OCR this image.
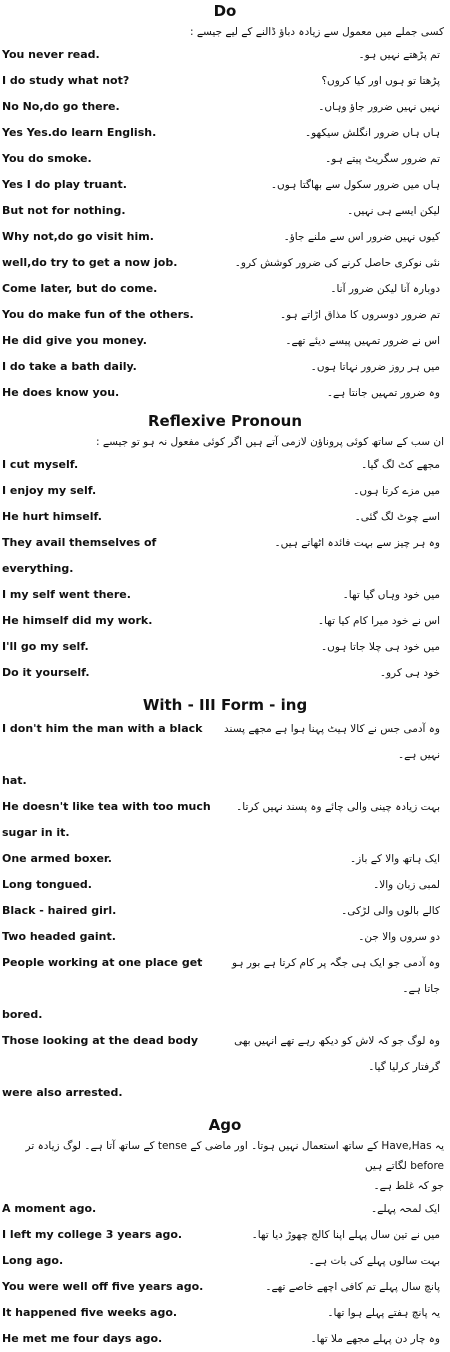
Do
کسی جملے میں معمول سے زیادہ دباؤ ڈالنے کے لیے جیسے :
You never read.	تم پڑھتے نہیں ہو۔
I do study what not?	پڑھتا تو ہوں اور کیا کروں؟
No No,do go there.	نہیں نہیں ضرور جاؤ وہاں۔
Yes Yes.do learn English.	ہاں ہاں ضرور انگلش سیکھو۔
You do smoke.	تم ضرور سگریٹ پیتے ہو۔
Yes I do play truant.	ہاں میں ضرور سکول سے بھاگتا ہوں۔
But not for nothing.	لیکن ایسے ہی نہیں۔
Why not,do go visit him.	کیوں نہیں ضرور اس سے ملنے جاؤ۔
well,do try to get a now job.	نئی نوکری حاصل کرنے کی ضرور کوشش کرو۔
Come later, but do come.	دوبارہ آنا لیکن ضرور آنا۔
You do make fun of the others.	تم ضرور دوسروں کا مذاق اڑاتے ہو۔
He did give you money.	اس نے ضرور تمہیں پیسے دیئے تھے۔
I do take a bath daily.	میں ہر روز ضرور نہاتا ہوں۔
He does know you.	وہ ضرور تمہیں جانتا ہے۔
Reflexive Pronoun
ان سب کے ساتھ کوئی پروناؤن لازمی آتے ہیں اگر کوئی مفعول نہ ہو تو جیسے :
I cut myself.	مجھے کٹ لگ گیا۔
I enjoy my self.	میں مزے کرتا ہوں۔
He hurt himself.	اسے چوٹ لگ گئی۔
They avail themselves of	وہ ہر چیز سے بہت فائدہ اٹھاتے ہیں۔
everything.
I my self went there.	میں خود وہاں گیا تھا۔
He himself did my work.	اس نے خود میرا کام کیا تھا۔
I'll go my self.	میں خود ہی چلا جاتا ہوں۔
Do it yourself.	خود ہی کرو۔
With - III Form - ing
I don't him the man with a black	وہ آدمی جس نے کالا ہیٹ پہنا ہوا ہے مجھے پسند نہیں ہے۔
hat.
He doesn't like tea with too much	بہت زیادہ چینی والی چائے وہ پسند نہیں کرتا۔
sugar in it.
One armed boxer.	ایک ہاتھ والا کے باز۔
Long tongued.	لمبی زبان والا۔
Black - haired girl.	کالے بالوں والی لڑکی۔
Two headed gaint.	دو سروں والا جن۔
People working at one place get	وہ آدمی جو ایک ہی جگہ پر کام کرتا ہے بور ہو جاتا ہے۔
bored.
Those looking at the dead body	وہ لوگ جو کہ لاش کو دیکھ رہے تھے انہیں بھی گرفتار کرلیا گیا۔
were also arrested.
Ago
یہ Have,Has کے ساتھ استعمال نہیں ہوتا۔ اور ماضی کے tense کے ساتھ آتا ہے۔ لوگ زیادہ تر before لگاتے ہیں
جو کہ غلط ہے۔
A moment ago.	ایک لمحہ پہلے۔
I left my college 3 years ago.	میں نے تین سال پہلے اپنا کالج چھوڑ دیا تھا۔
Long ago.	بہت سالوں پہلے کی بات ہے۔
You were well off five years ago.	پانچ سال پہلے تم کافی اچھے خاصے تھے۔
It happened five weeks ago.	یہ پانچ ہفتے پہلے ہوا تھا۔
He met me four days ago.	وہ چار دن پہلے مجھے ملا تھا۔
